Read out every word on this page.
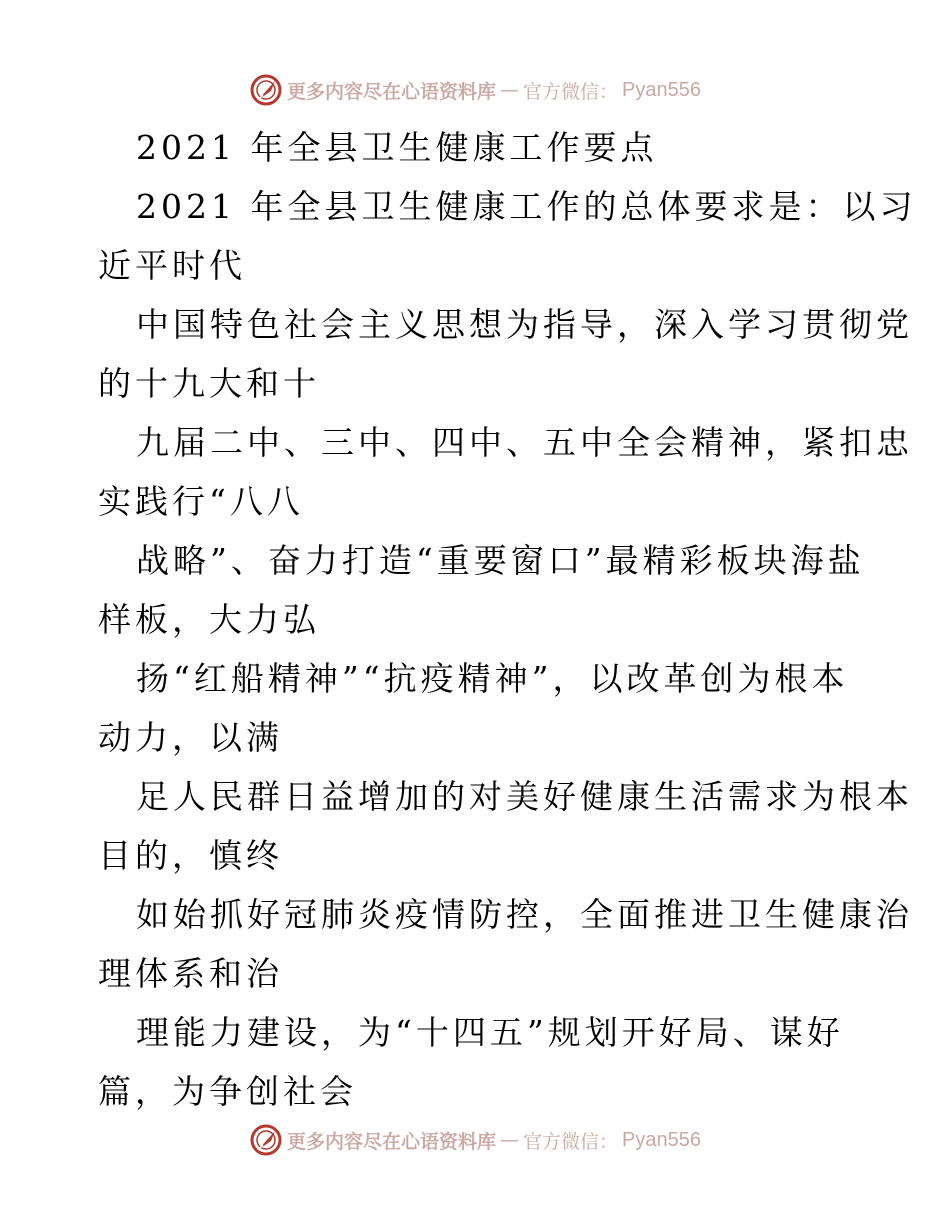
更多内容尽在心语资料库 — 官方微信： Pyan556
2021 年全县卫生健康工作要点
2021 年全县卫生健康工作的总体要求是：以习
近平时代
中国特色社会主义思想为指导，深入学习贯彻党
的十九大和十
九届二中、三中、四中、五中全会精神，紧扣忠
实践行“八八
战略”、奋力打造“重要窗口”最精彩板块海盐
样板，大力弘
扬“红船精神”“抗疫精神”，以改革创为根本
动力，以满
足人民群日益增加的对美好健康生活需求为根本
目的，慎终
如始抓好冠肺炎疫情防控，全面推进卫生健康治
理体系和治
理能力建设，为“十四五”规划开好局、谋好
篇，为争创社会
更多内容尽在心语资料库 — 官方微信： Pyan556
